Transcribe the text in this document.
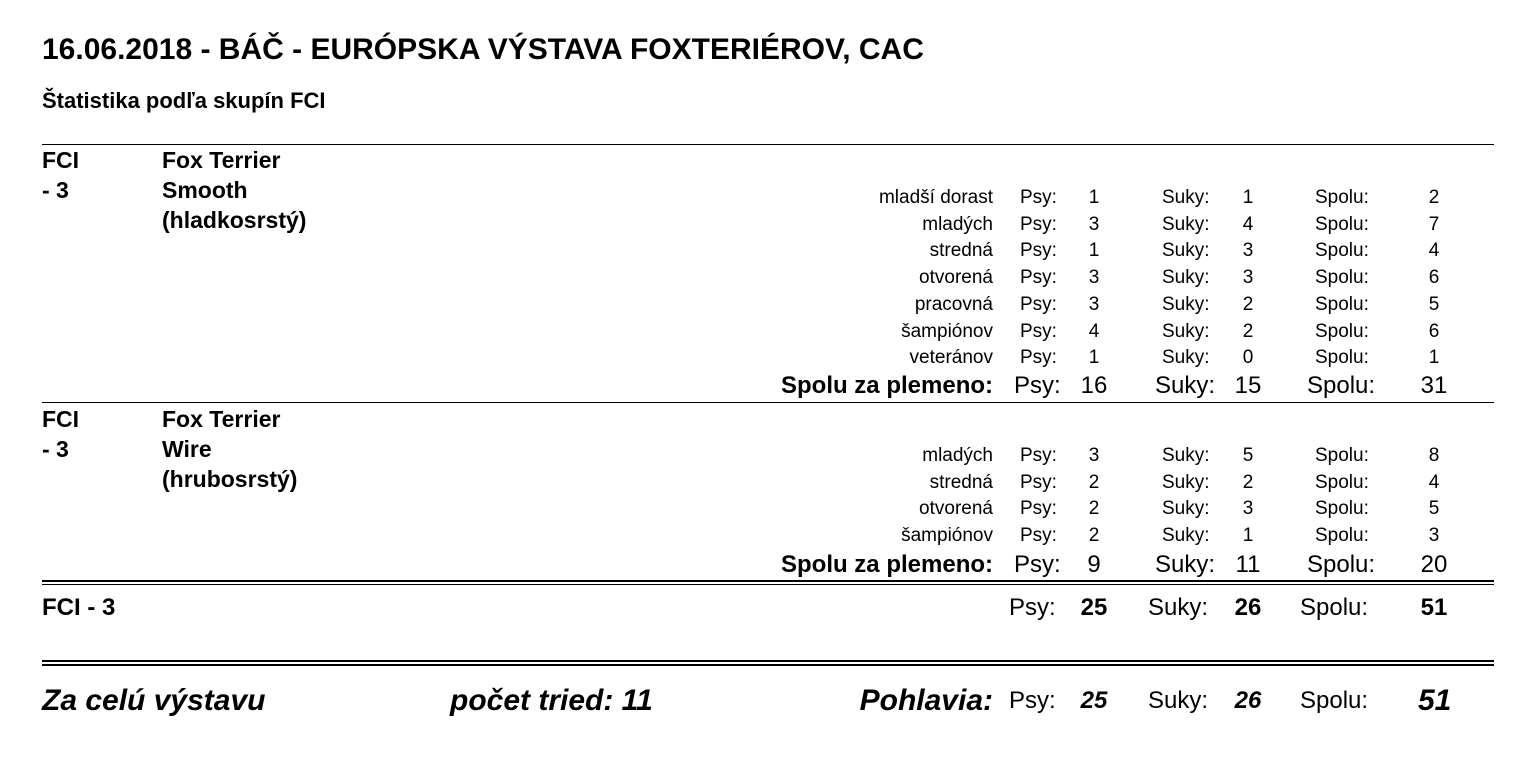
16.06.2018 - BÁČ - EURÓPSKA VÝSTAVA FOXTERIÉROV, CAC
Štatistika podľa skupín FCI
FCI - 3
Fox Terrier Smooth (hladkosrstý)
mladší dorast Psy:	1	Suky:	1	Spolu:	2
mladých Psy:	3	Suky:	4	Spolu:	7
stredná Psy:	1	Suky:	3	Spolu:	4
otvorená Psy:	3	Suky:	3	Spolu:	6
pracovná Psy:	3	Suky:	2	Spolu:	5
šampiónov Psy:	4	Suky:	2	Spolu:	6
veteránov Psy:	1	Suky:	0	Spolu:	1
Spolu za plemeno: Psy: 16 Suky: 15 Spolu: 31
FCI - 3
Fox Terrier Wire (hrubosrstý)
mladých Psy:	3	Suky:	5	Spolu:	8
stredná Psy:	2	Suky:	2	Spolu:	4
otvorená Psy:	2	Suky:	3	Spolu:	5
šampiónov Psy:	2	Suky:	1	Spolu:	3
Spolu za plemeno: Psy:	9	Suky: 11 Spolu: 20
FCI - 3	Psy: 25 Suky: 26 Spolu: 51
Za celú výstavu	počet tried: 11	Pohlavia: Psy: 25 Suky: 26 Spolu: 51
